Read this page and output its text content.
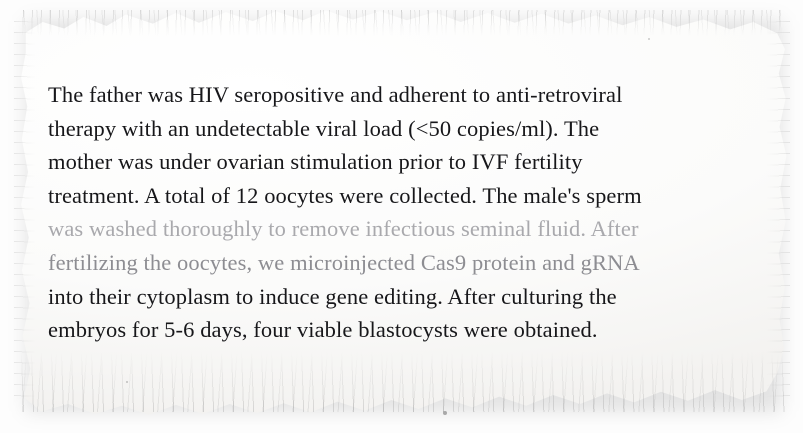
The father was HIV seropositive and adherent to anti-retroviral

therapy with an undetectable viral load (<50 copies/ml). The

mother was under ovarian stimulation prior to IVF fertility

treatment. A total of 12 oocytes were collected. The male's sperm

was washed thoroughly to remove infectious seminal fluid. After

fertilizing the oocytes, we microinjected Cas9 protein and gRNA

into their cytoplasm to induce gene editing. After culturing the

embryos for 5-6 days, four viable blastocysts were obtained.
